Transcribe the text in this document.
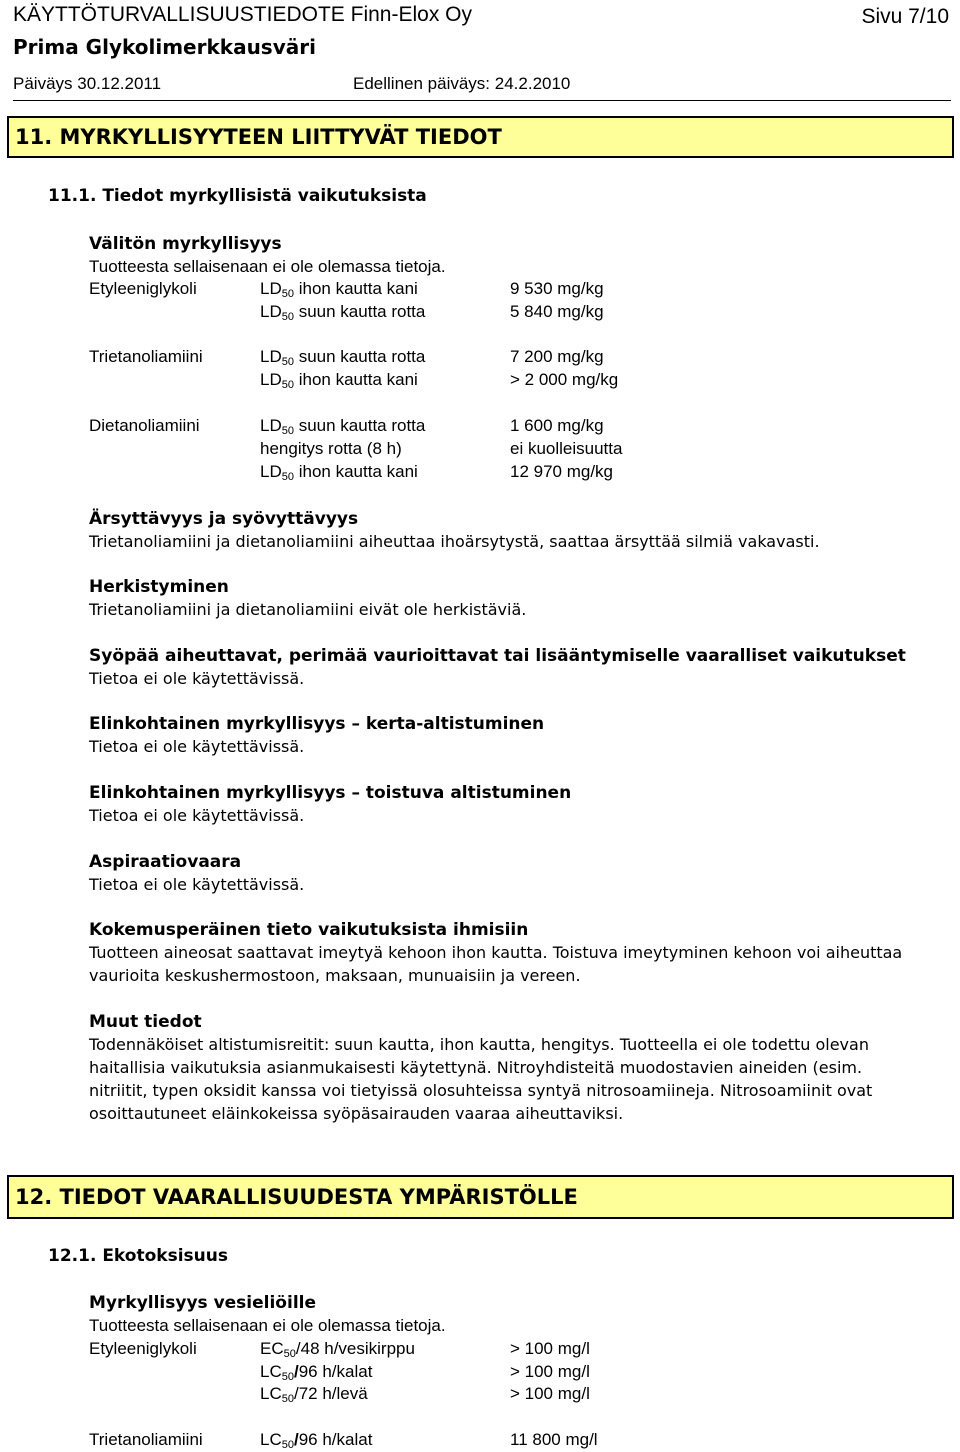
KÄYTTÖTURVALLISUUSTIEDOTE Finn-Elox Oy	Sivu 7/10
Prima Glykolimerkkausväri
Päiväys 30.12.2011	Edellinen päiväys: 24.2.2010
11. MYRKYLLISYYTEEN LIITTYVÄT TIEDOT
11.1. Tiedot myrkyllisistä vaikutuksista
Välitön myrkyllisyys
Tuotteesta sellaisenaan ei ole olemassa tietoja.
Etyleeniglykoli	$LD_{50}$ ihon kautta kani	9 530 mg/kg
$LD_{50}$ suun kautta rotta	5 840 mg/kg
Trietanoliamiini	$LD_{50}$ suun kautta rotta	7 200 mg/kg
$LD_{50}$ ihon kautta kani	> 2 000 mg/kg
Dietanoliamiini	$LD_{50}$ suun kautta rotta	1 600 mg/kg
hengitys rotta (8 h)	ei kuolleisuutta
$LD_{50}$ ihon kautta kani	12 970 mg/kg
Ärsyttävyys ja syövyttävyys
Trietanoliamiini ja dietanoliamiini aiheuttaa ihoärsytystä, saattaa ärsyttää silmiä vakavasti.
Herkistyminen
Trietanoliamiini ja dietanoliamiini eivät ole herkistäviä.
Syöpää aiheuttavat, perimää vaurioittavat tai lisääntymiselle vaaralliset vaikutukset
Tietoa ei ole käytettävissä.
Elinkohtainen myrkyllisyys – kerta-altistuminen
Tietoa ei ole käytettävissä.
Elinkohtainen myrkyllisyys – toistuva altistuminen
Tietoa ei ole käytettävissä.
Aspiraatiovaara
Tietoa ei ole käytettävissä.
Kokemusperäinen tieto vaikutuksista ihmisiin
Tuotteen aineosat saattavat imeytyä kehoon ihon kautta. Toistuva imeytyminen kehoon voi aiheuttaa
vaurioita keskushermostoon, maksaan, munuaisiin ja vereen.
Muut tiedot
Todennäköiset altistumisreitit: suun kautta, ihon kautta, hengitys. Tuotteella ei ole todettu olevan
haitallisia vaikutuksia asianmukaisesti käytettynä. Nitroyhdisteitä muodostavien aineiden (esim.
nitriitit, typen oksidit kanssa voi tietyissä olosuhteissa syntyä nitrosoamiineja. Nitrosoamiinit ovat
osoittautuneet eläinkokeissa syöpäsairauden vaaraa aiheuttaviksi.
12. TIEDOT VAARALLISUUDESTA YMPÄRISTÖLLE
12.1. Ekotoksisuus
Myrkyllisyys vesieliöille
Tuotteesta sellaisenaan ei ole olemassa tietoja.
Etyleeniglykoli	$EC_{50}/48$ h/vesikirppu	> 100 mg/l
$LC_{50}/96$ h/kalat	> 100 mg/l
$LC_{50}/72$ h/levä	> 100 mg/l
Trietanoliamiini	$LC_{50}/96$ h/kalat	11 800 mg/l
